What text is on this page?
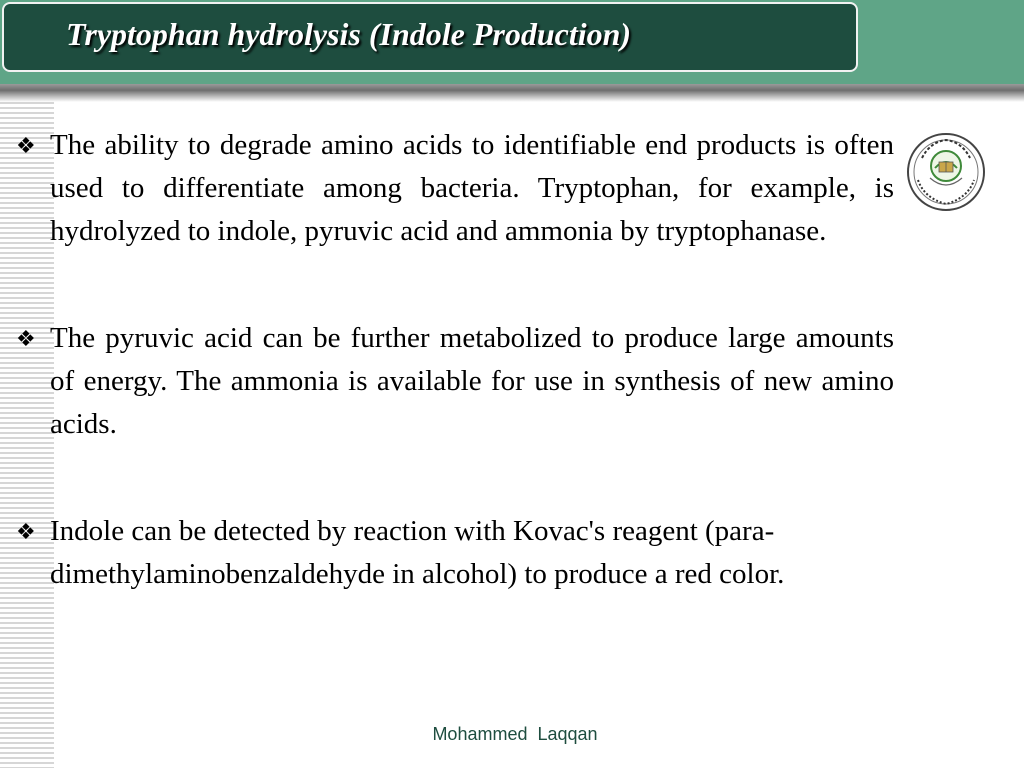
Tryptophan hydrolysis (Indole Production)

❖ The ability to degrade amino acids to identifiable end products is often used to differentiate among bacteria. Tryptophan, for example, is hydrolyzed to indole, pyruvic acid and ammonia by tryptophanase.

❖ The pyruvic acid can be further metabolized to produce large amounts of energy. The ammonia is available for use in synthesis of new amino acids.

❖ Indole can be detected by reaction with Kovac's reagent (para-dimethylaminobenzaldehyde in alcohol) to produce a red color.

Mohammed  Laqqan
